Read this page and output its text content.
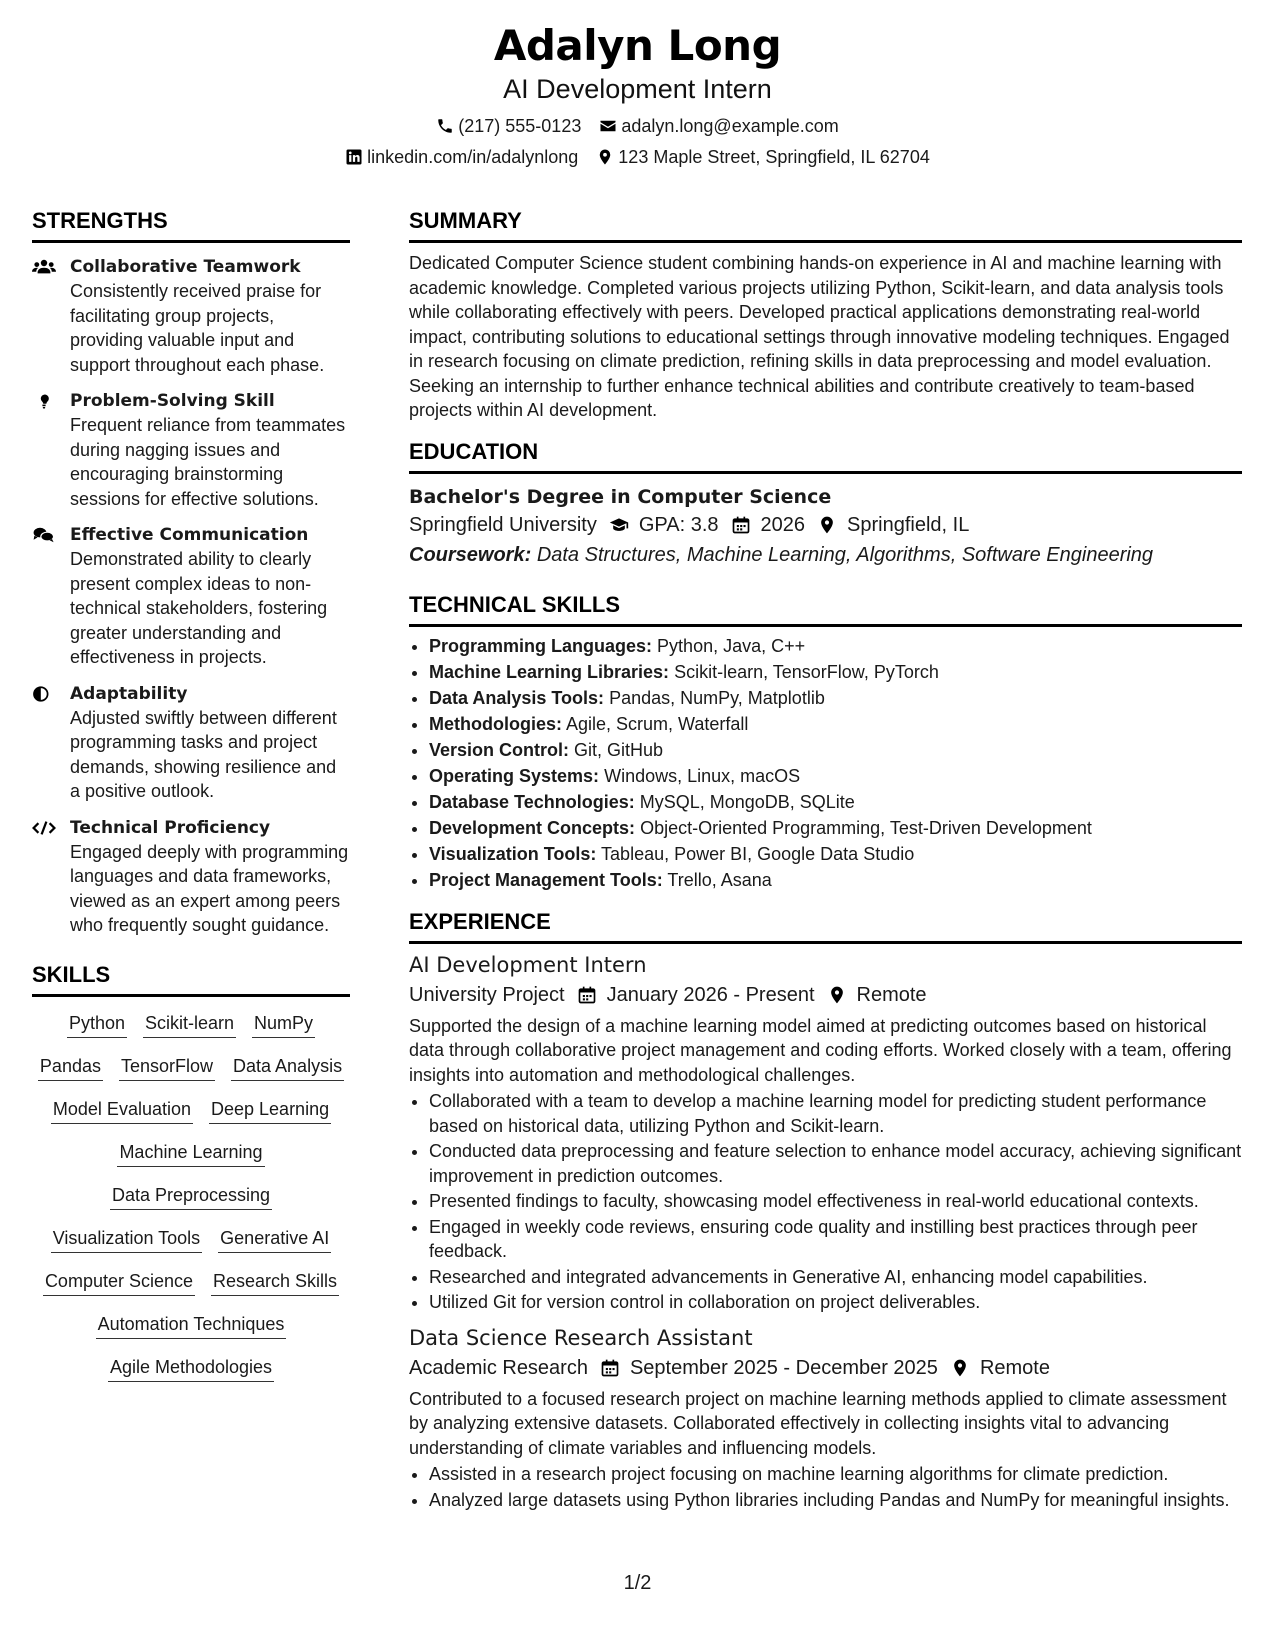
Adalyn Long
AI Development Intern
(217) 555-0123 adalyn.long@example.com
linkedin.com/in/adalynlong 123 Maple Street, Springfield, IL 62704
STRENGTHS
Collaborative Teamwork
Consistently received praise for facilitating group projects, providing valuable input and support throughout each phase.
Problem-Solving Skill
Frequent reliance from teammates during nagging issues and encouraging brainstorming sessions for effective solutions.
Effective Communication
Demonstrated ability to clearly present complex ideas to non-technical stakeholders, fostering greater understanding and effectiveness in projects.
Adaptability
Adjusted swiftly between different programming tasks and project demands, showing resilience and a positive outlook.
Technical Proficiency
Engaged deeply with programming languages and data frameworks, viewed as an expert among peers who frequently sought guidance.
SKILLS
Python Scikit-learn NumPy
Pandas TensorFlow Data Analysis
Model Evaluation Deep Learning
Machine Learning
Data Preprocessing
Visualization Tools Generative AI
Computer Science Research Skills
Automation Techniques
Agile Methodologies
SUMMARY
Dedicated Computer Science student combining hands-on experience in AI and machine learning with academic knowledge. Completed various projects utilizing Python, Scikit-learn, and data analysis tools while collaborating effectively with peers. Developed practical applications demonstrating real-world impact, contributing solutions to educational settings through innovative modeling techniques. Engaged in research focusing on climate prediction, refining skills in data preprocessing and model evaluation. Seeking an internship to further enhance technical abilities and contribute creatively to team-based projects within AI development.
EDUCATION
Bachelor's Degree in Computer Science
Springfield University GPA: 3.8 2026 Springfield, IL
Coursework: Data Structures, Machine Learning, Algorithms, Software Engineering
TECHNICAL SKILLS
• Programming Languages: Python, Java, C++
• Machine Learning Libraries: Scikit-learn, TensorFlow, PyTorch
• Data Analysis Tools: Pandas, NumPy, Matplotlib
• Methodologies: Agile, Scrum, Waterfall
• Version Control: Git, GitHub
• Operating Systems: Windows, Linux, macOS
• Database Technologies: MySQL, MongoDB, SQLite
• Development Concepts: Object-Oriented Programming, Test-Driven Development
• Visualization Tools: Tableau, Power BI, Google Data Studio
• Project Management Tools: Trello, Asana
EXPERIENCE
AI Development Intern
University Project January 2026 - Present Remote
Supported the design of a machine learning model aimed at predicting outcomes based on historical data through collaborative project management and coding efforts. Worked closely with a team, offering insights into automation and methodological challenges.
• Collaborated with a team to develop a machine learning model for predicting student performance based on historical data, utilizing Python and Scikit-learn.
• Conducted data preprocessing and feature selection to enhance model accuracy, achieving significant improvement in prediction outcomes.
• Presented findings to faculty, showcasing model effectiveness in real-world educational contexts.
• Engaged in weekly code reviews, ensuring code quality and instilling best practices through peer feedback.
• Researched and integrated advancements in Generative AI, enhancing model capabilities.
• Utilized Git for version control in collaboration on project deliverables.
Data Science Research Assistant
Academic Research September 2025 - December 2025 Remote
Contributed to a focused research project on machine learning methods applied to climate assessment by analyzing extensive datasets. Collaborated effectively in collecting insights vital to advancing understanding of climate variables and influencing models.
• Assisted in a research project focusing on machine learning algorithms for climate prediction.
• Analyzed large datasets using Python libraries including Pandas and NumPy for meaningful insights.
1/2
